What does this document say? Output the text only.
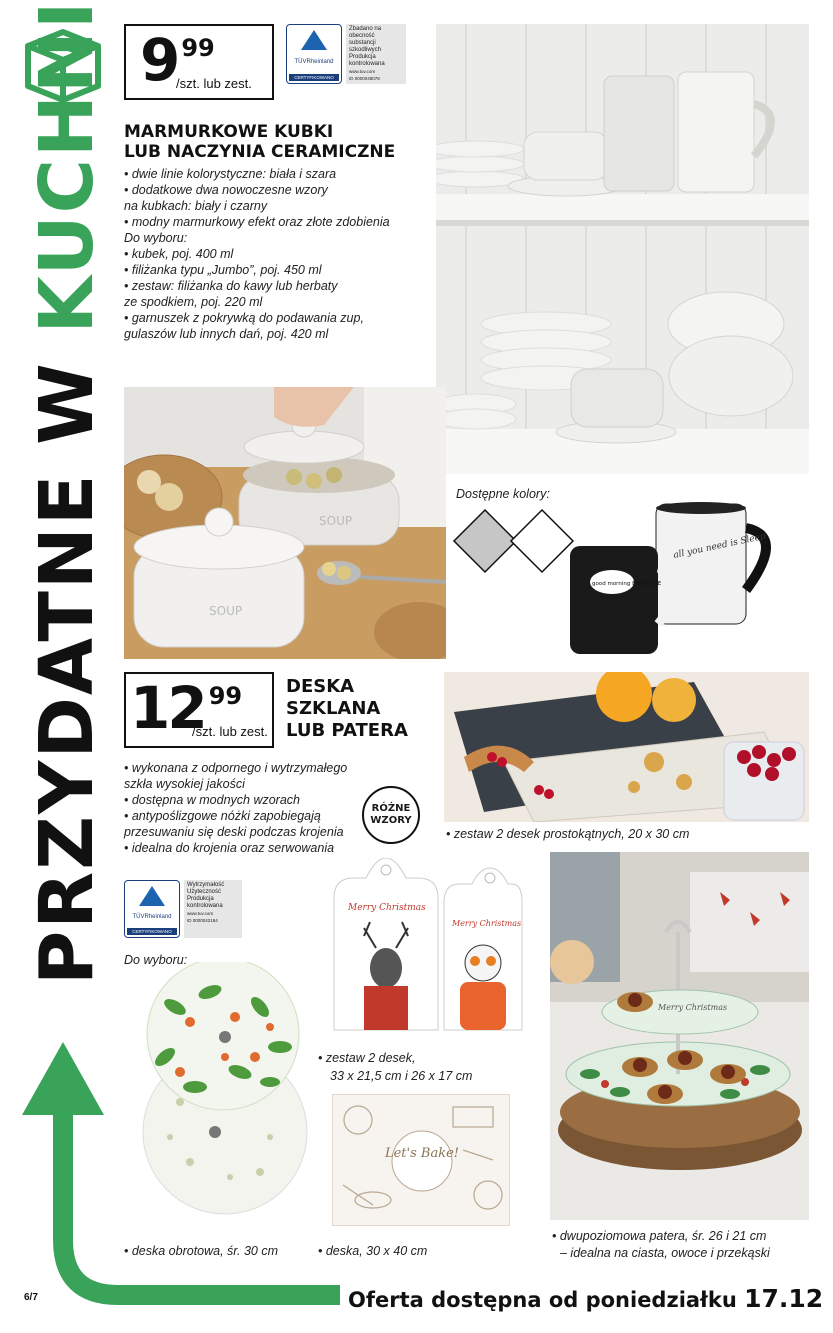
PRZYDATNE W KUCHNI 9 99
/szt. lub zest.
TÜVRheinland
CERTYFIKOWANO
Zbadano na obecność
substancji szkodliwych
Produkcja
kontrolowana
www.tuv.com
ID 0000048078
MARMURKOWE KUBKI
LUB NACZYNIA CERAMICZNE
• dwie linie kolorystyczne: biała i szara
• dodatkowe dwa nowoczesne wzory
na kubkach: biały i czarny
• modny marmurkowy efekt oraz złote zdobienia
Do wyboru:
• kubek, poj. 400 ml
• filiżanka typu „Jumbo”, poj. 450 ml
• zestaw: filiżanka do kawy lub herbaty
ze spodkiem, poj. 220 ml
• garnuszek z pokrywką do podawania zup,
gulaszów lub innych dań, poj. 420 ml
SOUP
SOUP
Dostępne kolory:
all you need is Sleep
good morning EVERYONE
12 99
/szt. lub zest.
DESKA
SZKLANA
LUB PATERA
• wykonana z odpornego i wytrzymałego
szkła wysokiej jakości
• dostępna w modnych wzorach
• antypoślizgowe nóżki zapobiegają
przesuwaniu się deski podczas krojenia
• idealna do krojenia oraz serwowania
RÓŻNE
WZORY
TÜVRheinland
CERTYFIKOWANO
Wytrzymałość
Użyteczność
Produkcja
kontrolowana
www.tuv.com
ID 0000042184
Do wyboru:
• deska obrotowa, śr. 30 cm
Merry Christmas
Merry Christmas
• zestaw 2 desek,
33 x 21,5 cm i 26 x 17 cm
Let's Bake!
• deska, 30 x 40 cm
• zestaw 2 desek prostokątnych, 20 x 30 cm
Merry Christmas
• dwupoziomowa patera, śr. 26 i 21 cm
– idealna na ciasta, owoce i przekąski
6/7	Oferta dostępna od poniedziałku 17.12
